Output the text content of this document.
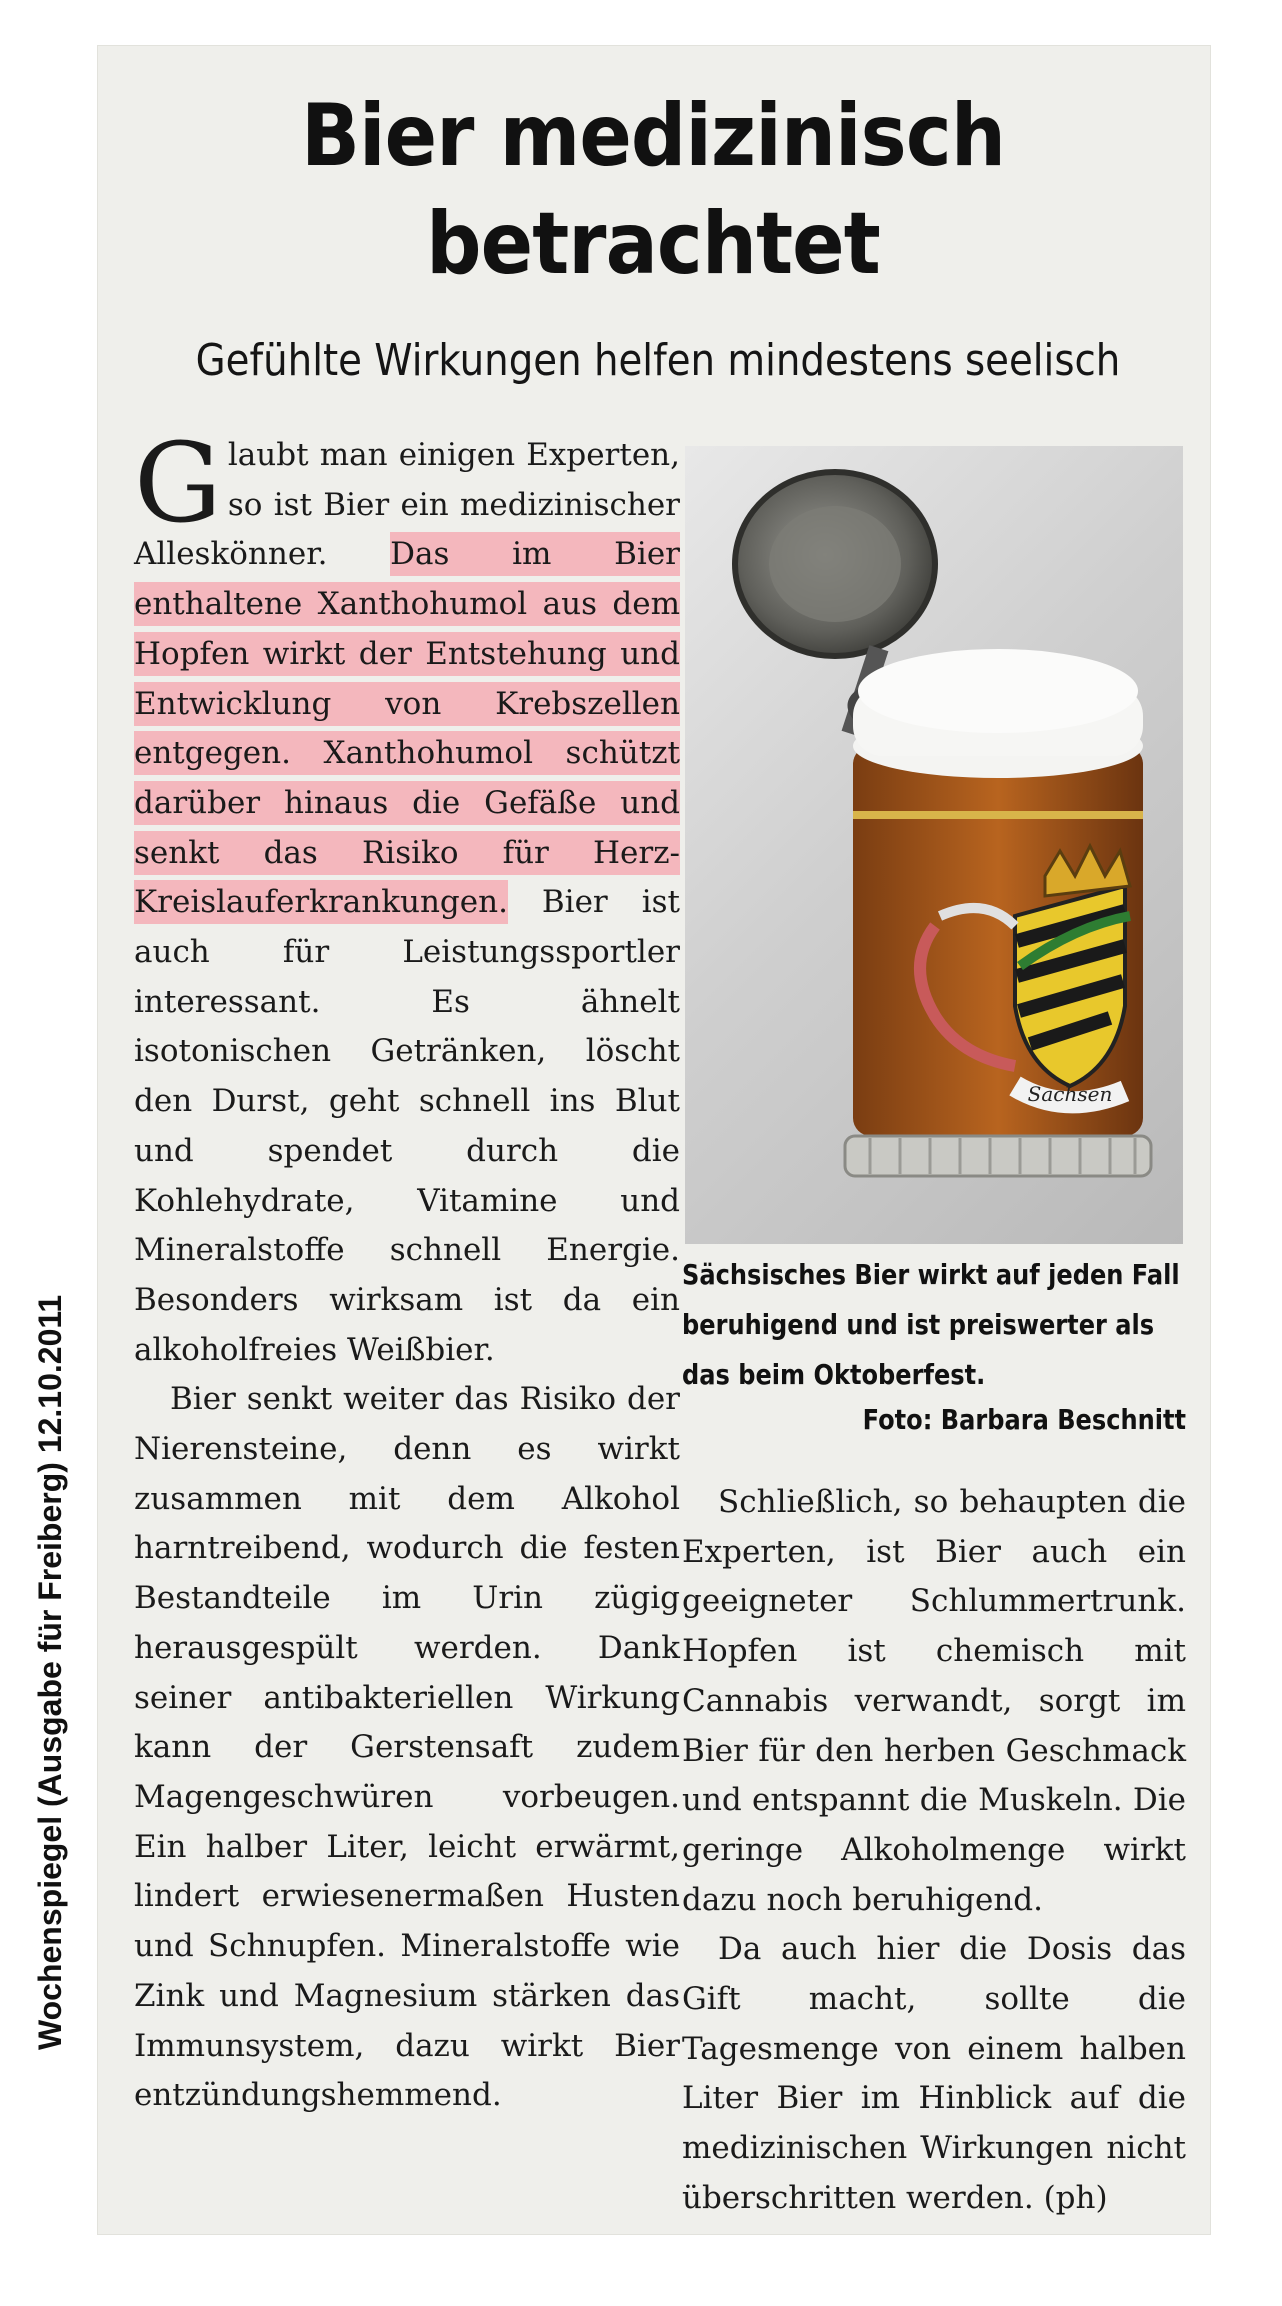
Wochenspiegel (Ausgabe für Freiberg) 12.10.2011
Bier medizinisch betrachtet
Gefühlte Wirkungen helfen mindestens seelisch

Glaubt man einigen Experten, so ist Bier ein medizinischer Alleskönner. Das im Bier enthaltene Xanthohumol aus dem Hopfen wirkt der Entstehung und Entwicklung von Krebszellen entgegen. Xanthohumol schützt darüber hinaus die Gefäße und senkt das Risiko für Herz-Kreislauferkrankungen. Bier ist auch für Leistungssportler interessant. Es ähnelt isotonischen Getränken, löscht den Durst, geht schnell ins Blut und spendet durch die Kohlehydrate, Vitamine und Mineralstoffe schnell Energie. Besonders wirksam ist da ein alkoholfreies Weißbier.

Bier senkt weiter das Risiko der Nierensteine, denn es wirkt zusammen mit dem Alkohol harntreibend, wodurch die festen Bestandteile im Urin zügig herausgespült werden. Dank seiner antibakteriellen Wirkung kann der Gerstensaft zudem Magengeschwüren vorbeugen. Ein halber Liter, leicht erwärmt, lindert erwiesenermaßen Husten und Schnupfen. Mineralstoffe wie Zink und Magnesium stärken das Immunsystem, dazu wirkt Bier entzündungshemmend.

Sachsen
Sächsisches Bier wirkt auf jeden Fall beruhigend und ist preiswerter als das beim Oktoberfest.
Foto: Barbara Beschnitt

Schließlich, so behaupten die Experten, ist Bier auch ein geeigneter Schlummertrunk. Hopfen ist chemisch mit Cannabis verwandt, sorgt im Bier für den herben Geschmack und entspannt die Muskeln. Die geringe Alkoholmenge wirkt dazu noch beruhigend.

Da auch hier die Dosis das Gift macht, sollte die Tagesmenge von einem halben Liter Bier im Hinblick auf die medizinischen Wirkungen nicht überschritten werden. (ph)
